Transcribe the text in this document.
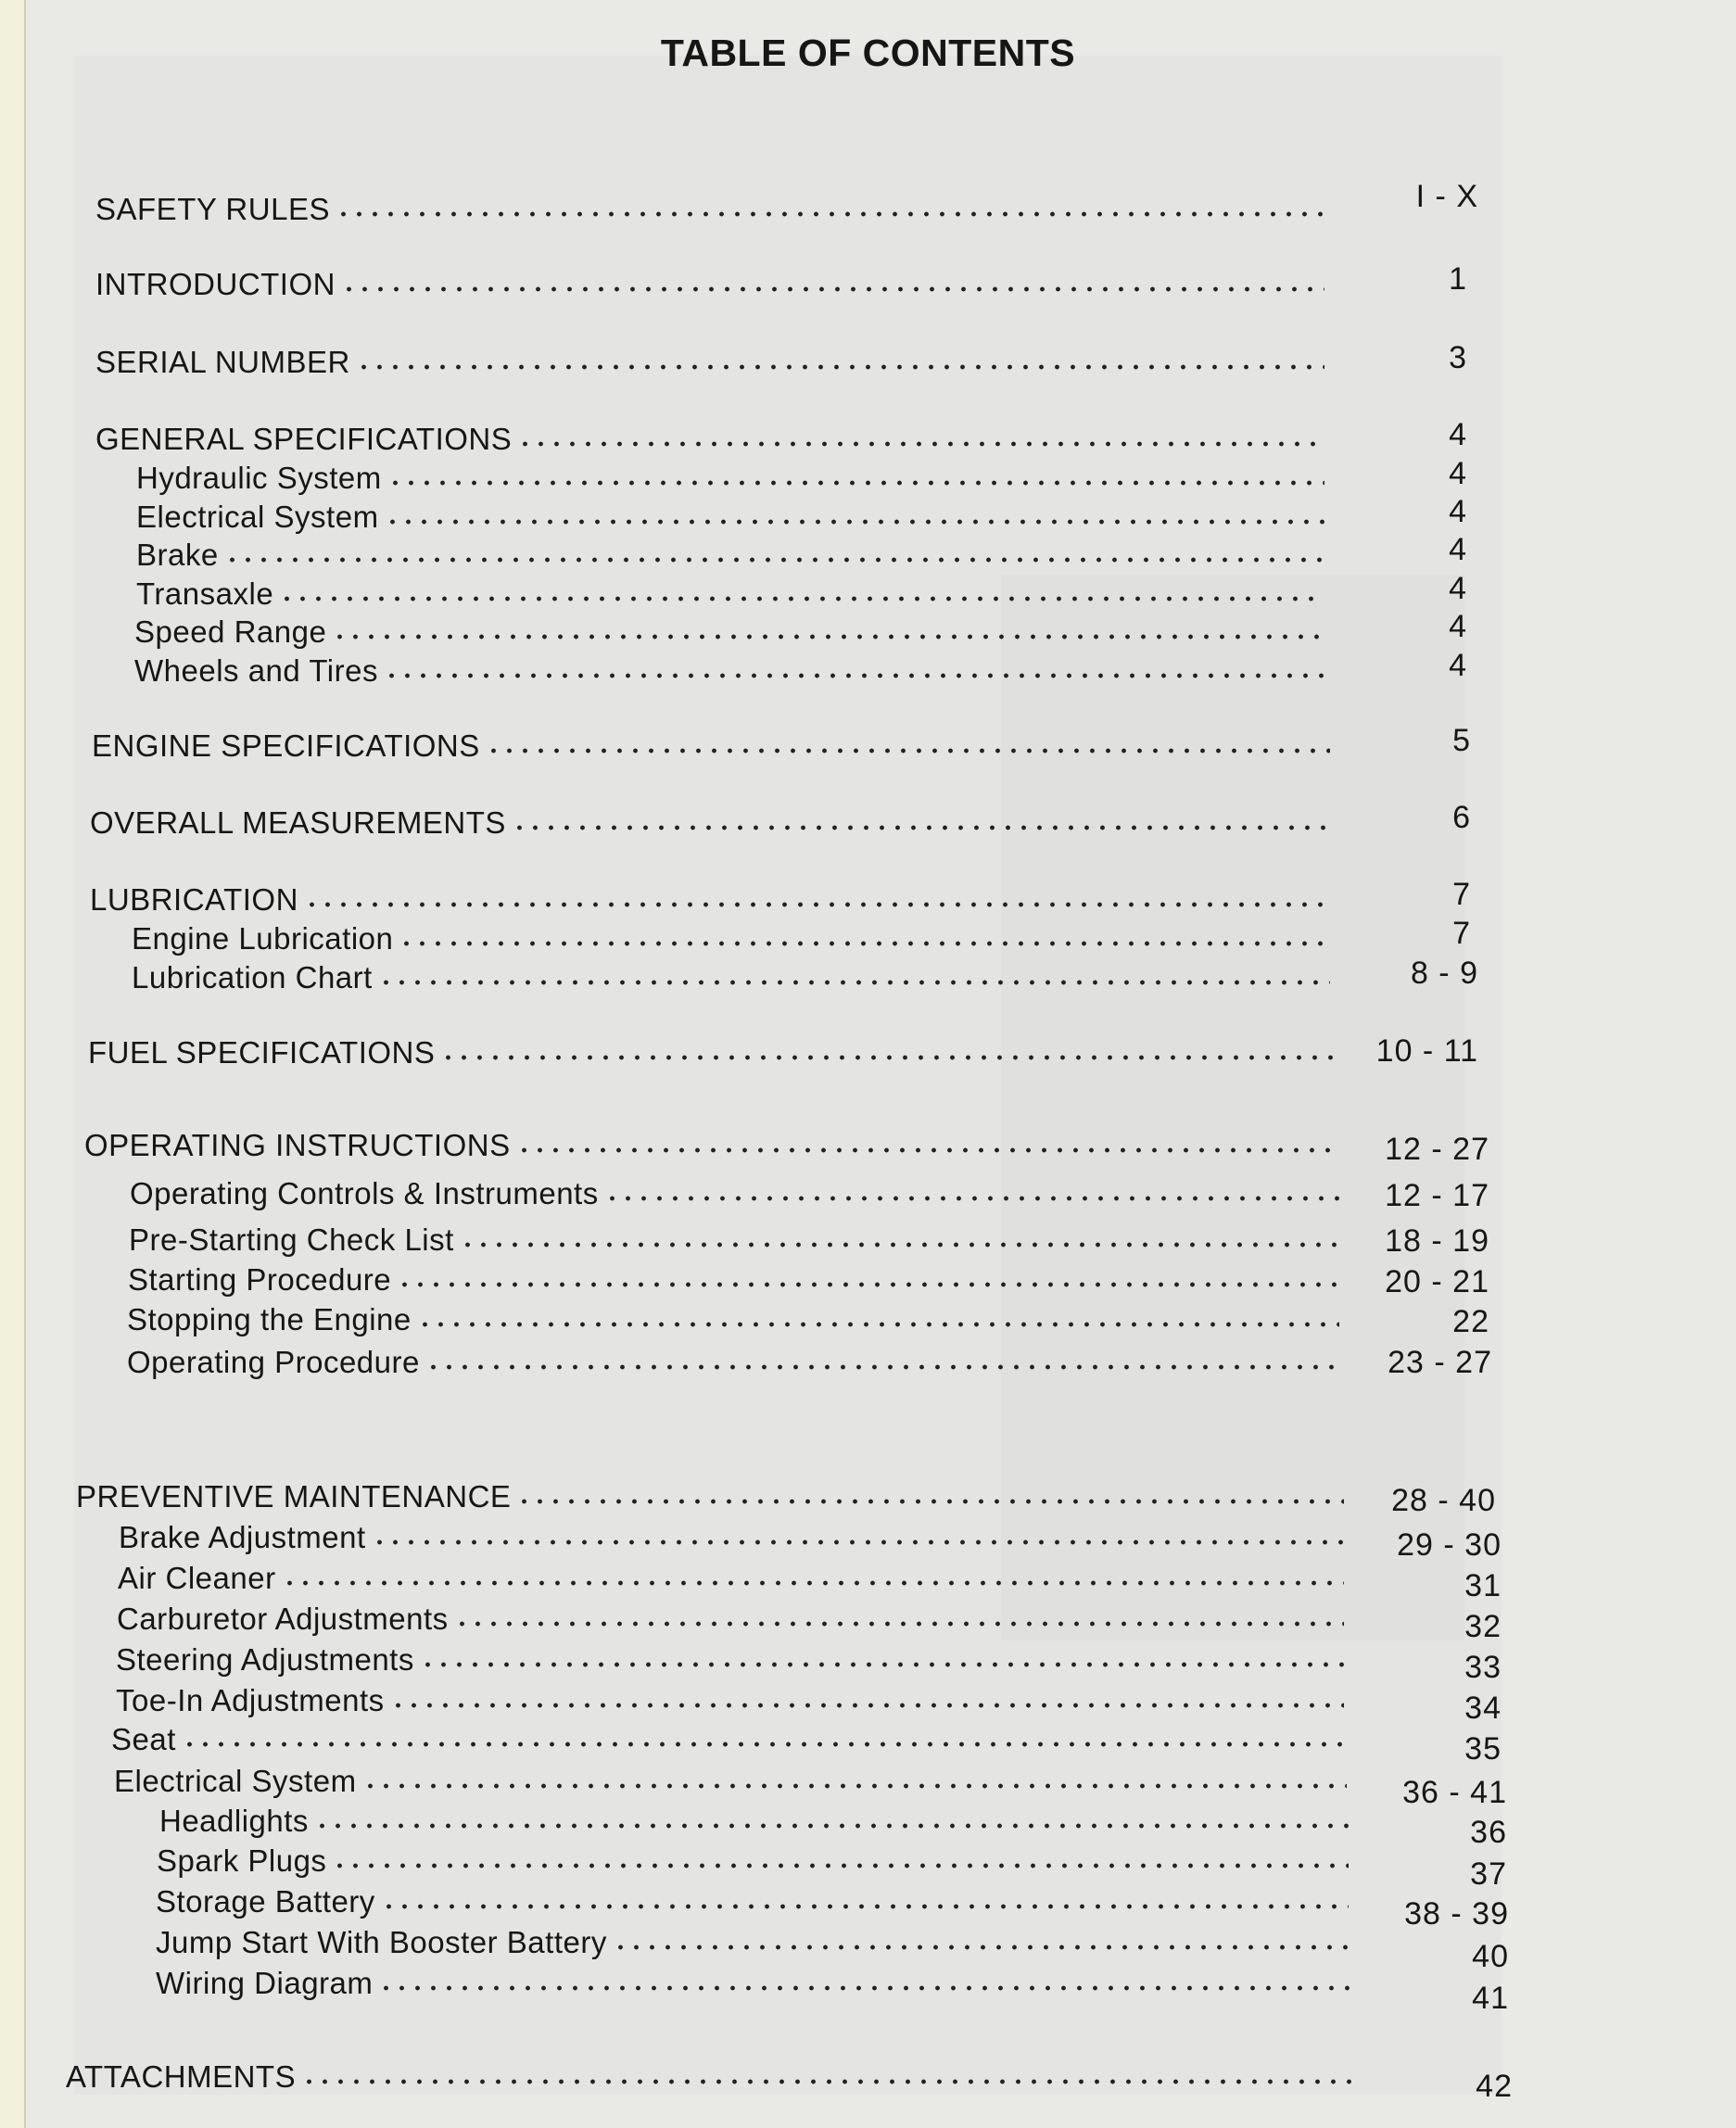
TABLE OF CONTENTS
SAFETY RULES	I - X
INTRODUCTION	1
SERIAL NUMBER	3
GENERAL SPECIFICATIONS	4
Hydraulic System	4
Electrical System	4
Brake	4
Transaxle	4
Speed Range	4
Wheels and Tires	4
ENGINE SPECIFICATIONS	5
OVERALL MEASUREMENTS	6
LUBRICATION	7
Engine Lubrication	7
Lubrication Chart	8 - 9
FUEL SPECIFICATIONS	10 - 11
OPERATING INSTRUCTIONS	12 - 27
Operating Controls & Instruments	12 - 17
Pre-Starting Check List	18 - 19
Starting Procedure	20 - 21
Stopping the Engine	22
Operating Procedure	23 - 27
PREVENTIVE MAINTENANCE	28 - 40
Brake Adjustment	29 - 30
Air Cleaner	31
Carburetor Adjustments	32
Steering Adjustments	33
Toe-In Adjustments	34
Seat	35
Electrical System	36 - 41
Headlights	36
Spark Plugs	37
Storage Battery	38 - 39
Jump Start With Booster Battery	40
Wiring Diagram	41
ATTACHMENTS	42
